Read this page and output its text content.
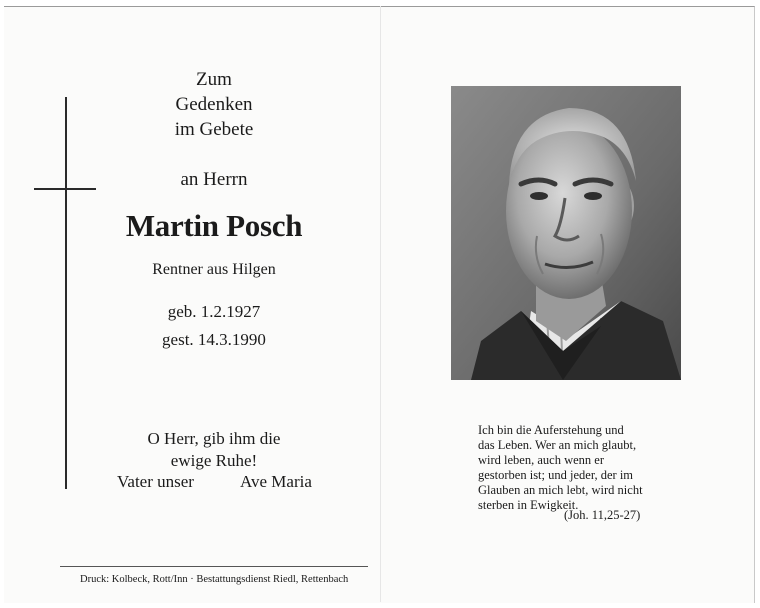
Zum
Gedenken
im Gebete
an Herrn
Martin Posch
Rentner aus Hilgen
geb. 1.2.1927
gest. 14.3.1990
O Herr, gib ihm die
ewige Ruhe!
Vater unser	Ave Maria
Druck: Kolbeck, Rott/Inn · Bestattungsdienst Riedl, Rettenbach
Ich bin die Auferstehung und
das Leben. Wer an mich glaubt,
wird leben, auch wenn er
gestorben ist; und jeder, der im
Glauben an mich lebt, wird nicht
sterben in Ewigkeit.
(Joh. 11,25-27)
